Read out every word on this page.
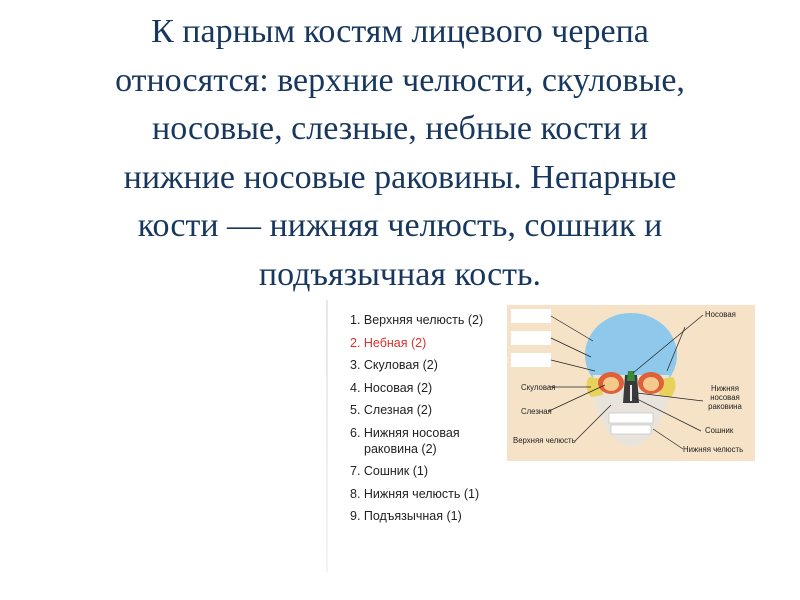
К парным костям лицевого черепа
относятся: верхние челюсти, скуловые,
носовые, слезные, небные кости и
нижние носовые раковины. Непарные
кости — нижняя челюсть, сошник и
подъязычная кость.
1. Верхняя челюсть (2)
2. Небная (2)
3. Скуловая (2)
4. Носовая (2)
5. Слезная (2)
6. Нижняя носовая
раковина (2)
7. Сошник (1)
8. Нижняя челюсть (1)
9. Подъязычная (1)
Носовая
Скуловая
Слезная
Верхняя челюсть
Нижняя
носовая
раковина
Сошник
Нижняя челюсть
